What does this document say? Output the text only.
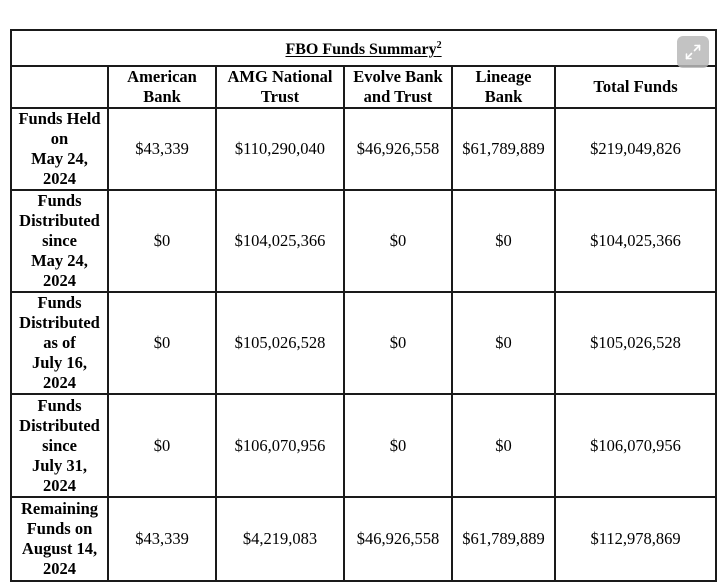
FBO Funds Summary$^2$
	American
Bank	AMG National
Trust	Evolve Bank
and Trust	Lineage
Bank	Total Funds
Funds Held
on
May 24,
2024	$43,339	$110,290,040	$46,926,558	$61,789,889	$219,049,826
Funds
Distributed
since
May 24,
2024	$0	$104,025,366	$0	$0	$104,025,366
Funds
Distributed
as of
July 16,
2024	$0	$105,026,528	$0	$0	$105,026,528
Funds
Distributed
since
July 31,
2024	$0	$106,070,956	$0	$0	$106,070,956
Remaining
Funds on
August 14,
2024	$43,339	$4,219,083	$46,926,558	$61,789,889	$112,978,869
